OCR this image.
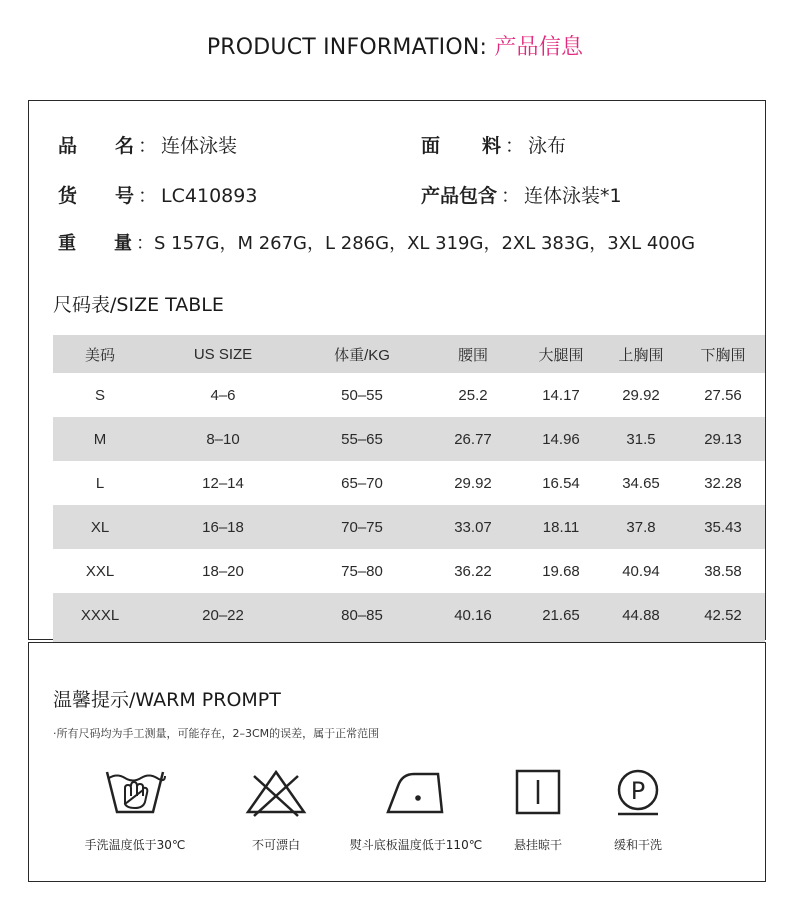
PRODUCT INFORMATION: 产品信息
品 名 ： 连体泳装	面 料 ： 泳布
货 号 ： LC410893	产品包含 ： 连体泳装*1
重 量 ：S 157G，M 267G，L 286G，XL 319G，2XL 383G，3XL 400G
尺码表/SIZE TABLE
美码	US SIZE	体重/KG	腰围	大腿围	上胸围	下胸围
S	4–6	50–55	25.2	14.17	29.92	27.56
M	8–10	55–65	26.77	14.96	31.5	29.13
L	12–14	65–70	29.92	16.54	34.65	32.28
XL	16–18	70–75	33.07	18.11	37.8	35.43
XXL	18–20	75–80	36.22	19.68	40.94	38.58
XXXL	20–22	80–85	40.16	21.65	44.88	42.52

温馨提示/WARM PROMPT
·所有尺码均为手工测量，可能存在，2–3CM的误差，属于正常范围
手洗温度低于30℃	不可漂白	熨斗底板温度低于110℃	悬挂晾干
P
缓和干洗
